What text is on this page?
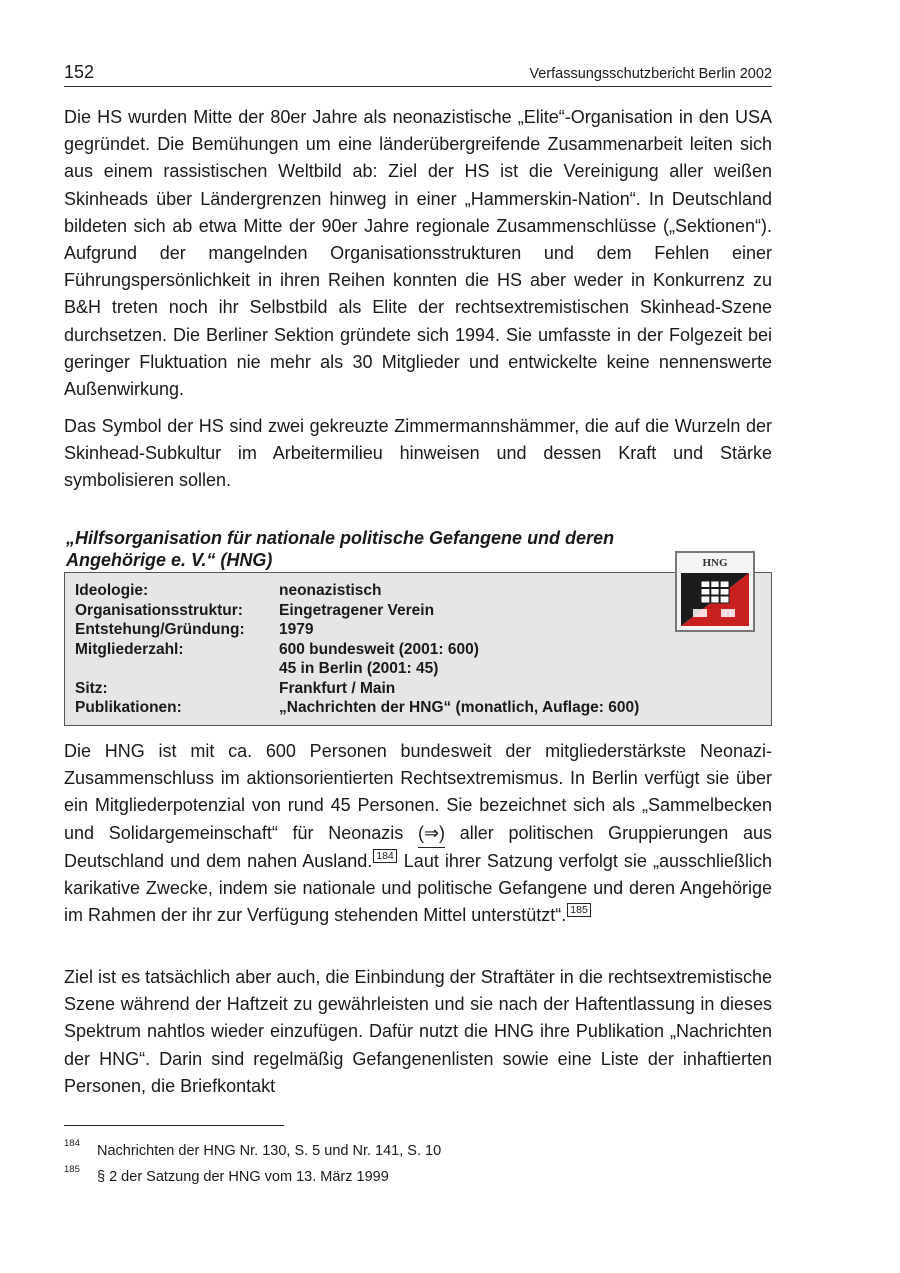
152	Verfassungsschutzbericht Berlin 2002

Die HS wurden Mitte der 80er Jahre als neonazistische „Elite“-Organisation in den USA gegründet. Die Bemühungen um eine länderübergreifende Zusammenarbeit leiten sich aus einem rassistischen Weltbild ab: Ziel der HS ist die Vereinigung aller weißen Skinheads über Ländergrenzen hinweg in einer „Hammerskin-Nation“. In Deutschland bildeten sich ab etwa Mitte der 90er Jahre regionale Zusammenschlüsse („Sektionen“). Aufgrund der mangelnden Organisationsstrukturen und dem Fehlen einer Führungspersönlichkeit in ihren Reihen konnten die HS aber weder in Konkurrenz zu B&H treten noch ihr Selbstbild als Elite der rechtsextremistischen Skinhead-Szene durchsetzen. Die Berliner Sektion gründete sich 1994. Sie umfasste in der Folgezeit bei geringer Fluktuation nie mehr als 30 Mitglieder und entwickelte keine nennenswerte Außenwirkung.

Das Symbol der HS sind zwei gekreuzte Zimmermannshämmer, die auf die Wurzeln der Skinhead-Subkultur im Arbeitermilieu hinweisen und dessen Kraft und Stärke symbolisieren sollen.

„Hilfsorganisation für nationale politische Gefangene und deren
Angehörige e. V.“ (HNG)
Ideologie:	neonazistisch
Organisationsstruktur: Eingetragener Verein
Entstehung/Gründung: 1979
Mitgliederzahl:	600 bundesweit (2001: 600)
45 in Berlin (2001: 45)
Sitz:	Frankfurt / Main
Publikationen:	„Nachrichten der HNG“ (monatlich, Auflage: 600)
HNG

Die HNG ist mit ca. 600 Personen bundesweit der mitgliederstärkste Neonazi-Zusammenschluss im aktionsorientierten Rechtsextremismus. In Berlin verfügt sie über ein Mitgliederpotenzial von rund 45 Personen. Sie bezeichnet sich als „Sammelbecken und Solidargemeinschaft“ für Neonazis (⇒) aller politischen Gruppierungen aus Deutschland und dem nahen Ausland. 184 Laut ihrer Satzung verfolgt sie „ausschließlich karikative Zwecke, indem sie nationale und politische Gefangene und deren Angehörige im Rahmen der ihr zur Verfügung stehenden Mittel unterstützt“. 185

Ziel ist es tatsächlich aber auch, die Einbindung der Straftäter in die rechtsextremistische Szene während der Haftzeit zu gewährleisten und sie nach der Haftentlassung in dieses Spektrum nahtlos wieder einzufügen. Dafür nutzt die HNG ihre Publikation „Nachrichten der HNG“. Darin sind regelmäßig Gefangenenlisten sowie eine Liste der inhaftierten Personen, die Briefkontakt

184 Nachrichten der HNG Nr. 130, S. 5 und Nr. 141, S. 10
185 § 2 der Satzung der HNG vom 13. März 1999
